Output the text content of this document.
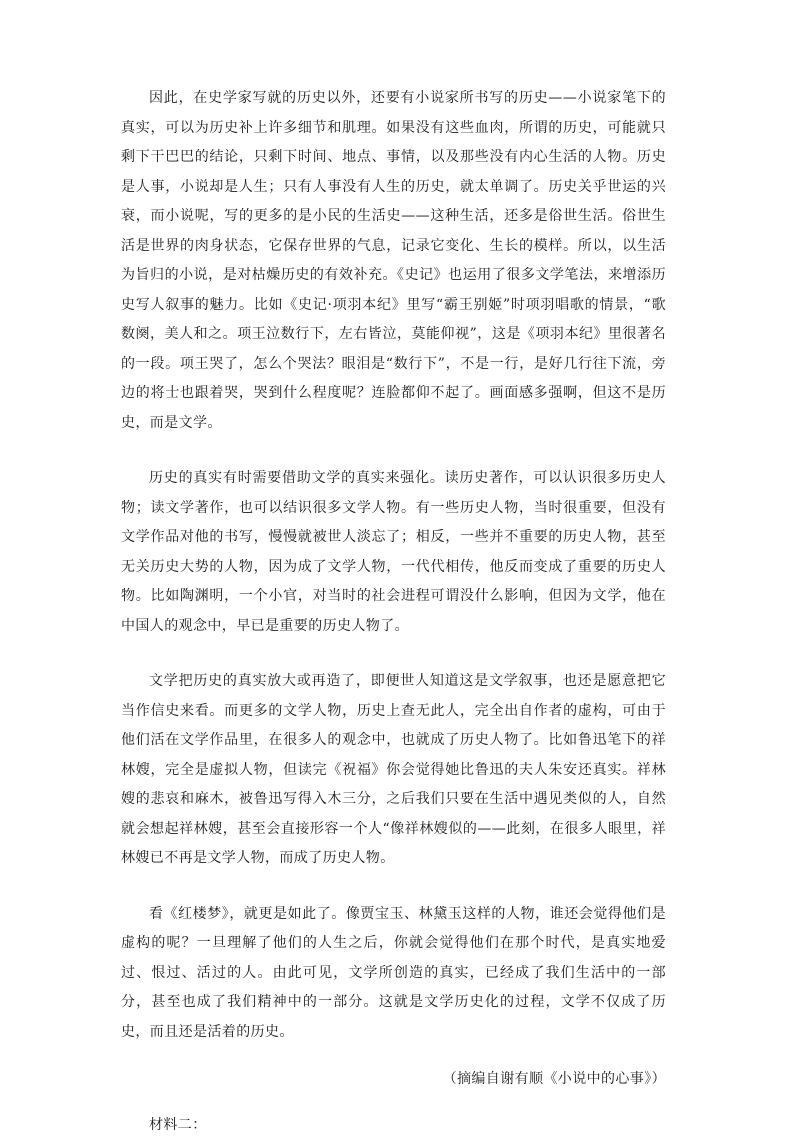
因此，在史学家写就的历史以外，还要有小说家所书写的历史——小说家笔下的真实，可以为历史补上许多细节和肌理。如果没有这些血肉，所谓的历史，可能就只剩下干巴巴的结论，只剩下时间、地点、事情，以及那些没有内心生活的人物。历史是人事，小说却是人生；只有人事没有人生的历史，就太单调了。历史关乎世运的兴衰，而小说呢，写的更多的是小民的生活史——这种生活，还多是俗世生活。俗世生活是世界的肉身状态，它保存世界的气息，记录它变化、生长的模样。所以，以生活为旨归的小说，是对枯燥历史的有效补充。《史记》也运用了很多文学笔法，来增添历史写人叙事的魅力。比如《史记·项羽本纪》里写“霸王别姬”时项羽唱歌的情景，“歌数阕，美人和之。项王泣数行下，左右皆泣，莫能仰视”，这是《项羽本纪》里很著名的一段。项王哭了，怎么个哭法？眼泪是“数行下”，不是一行，是好几行往下流，旁边的将士也跟着哭，哭到什么程度呢？连脸都仰不起了。画面感多强啊，但这不是历史，而是文学。

历史的真实有时需要借助文学的真实来强化。读历史著作，可以认识很多历史人物；读文学著作，也可以结识很多文学人物。有一些历史人物，当时很重要，但没有文学作品对他的书写，慢慢就被世人淡忘了；相反，一些并不重要的历史人物，甚至无关历史大势的人物，因为成了文学人物，一代代相传，他反而变成了重要的历史人物。比如陶渊明，一个小官，对当时的社会进程可谓没什么影响，但因为文学，他在中国人的观念中，早已是重要的历史人物了。

文学把历史的真实放大或再造了，即便世人知道这是文学叙事，也还是愿意把它当作信史来看。而更多的文学人物，历史上查无此人，完全出自作者的虚构，可由于他们活在文学作品里，在很多人的观念中，也就成了历史人物了。比如鲁迅笔下的祥林嫂，完全是虚拟人物，但读完《祝福》你会觉得她比鲁迅的夫人朱安还真实。祥林嫂的悲哀和麻木，被鲁迅写得入木三分，之后我们只要在生活中遇见类似的人，自然就会想起祥林嫂，甚至会直接形容一个人“像祥林嫂似的——此刻，在很多人眼里，祥林嫂已不再是文学人物，而成了历史人物。

看《红楼梦》，就更是如此了。像贾宝玉、林黛玉这样的人物，谁还会觉得他们是虚构的呢？一旦理解了他们的人生之后，你就会觉得他们在那个时代，是真实地爱过、恨过、活过的人。由此可见，文学所创造的真实，已经成了我们生活中的一部分，甚至也成了我们精神中的一部分。这就是文学历史化的过程，文学不仅成了历史，而且还是活着的历史。

（摘编自谢有顺《小说中的心事》）

材料二：
